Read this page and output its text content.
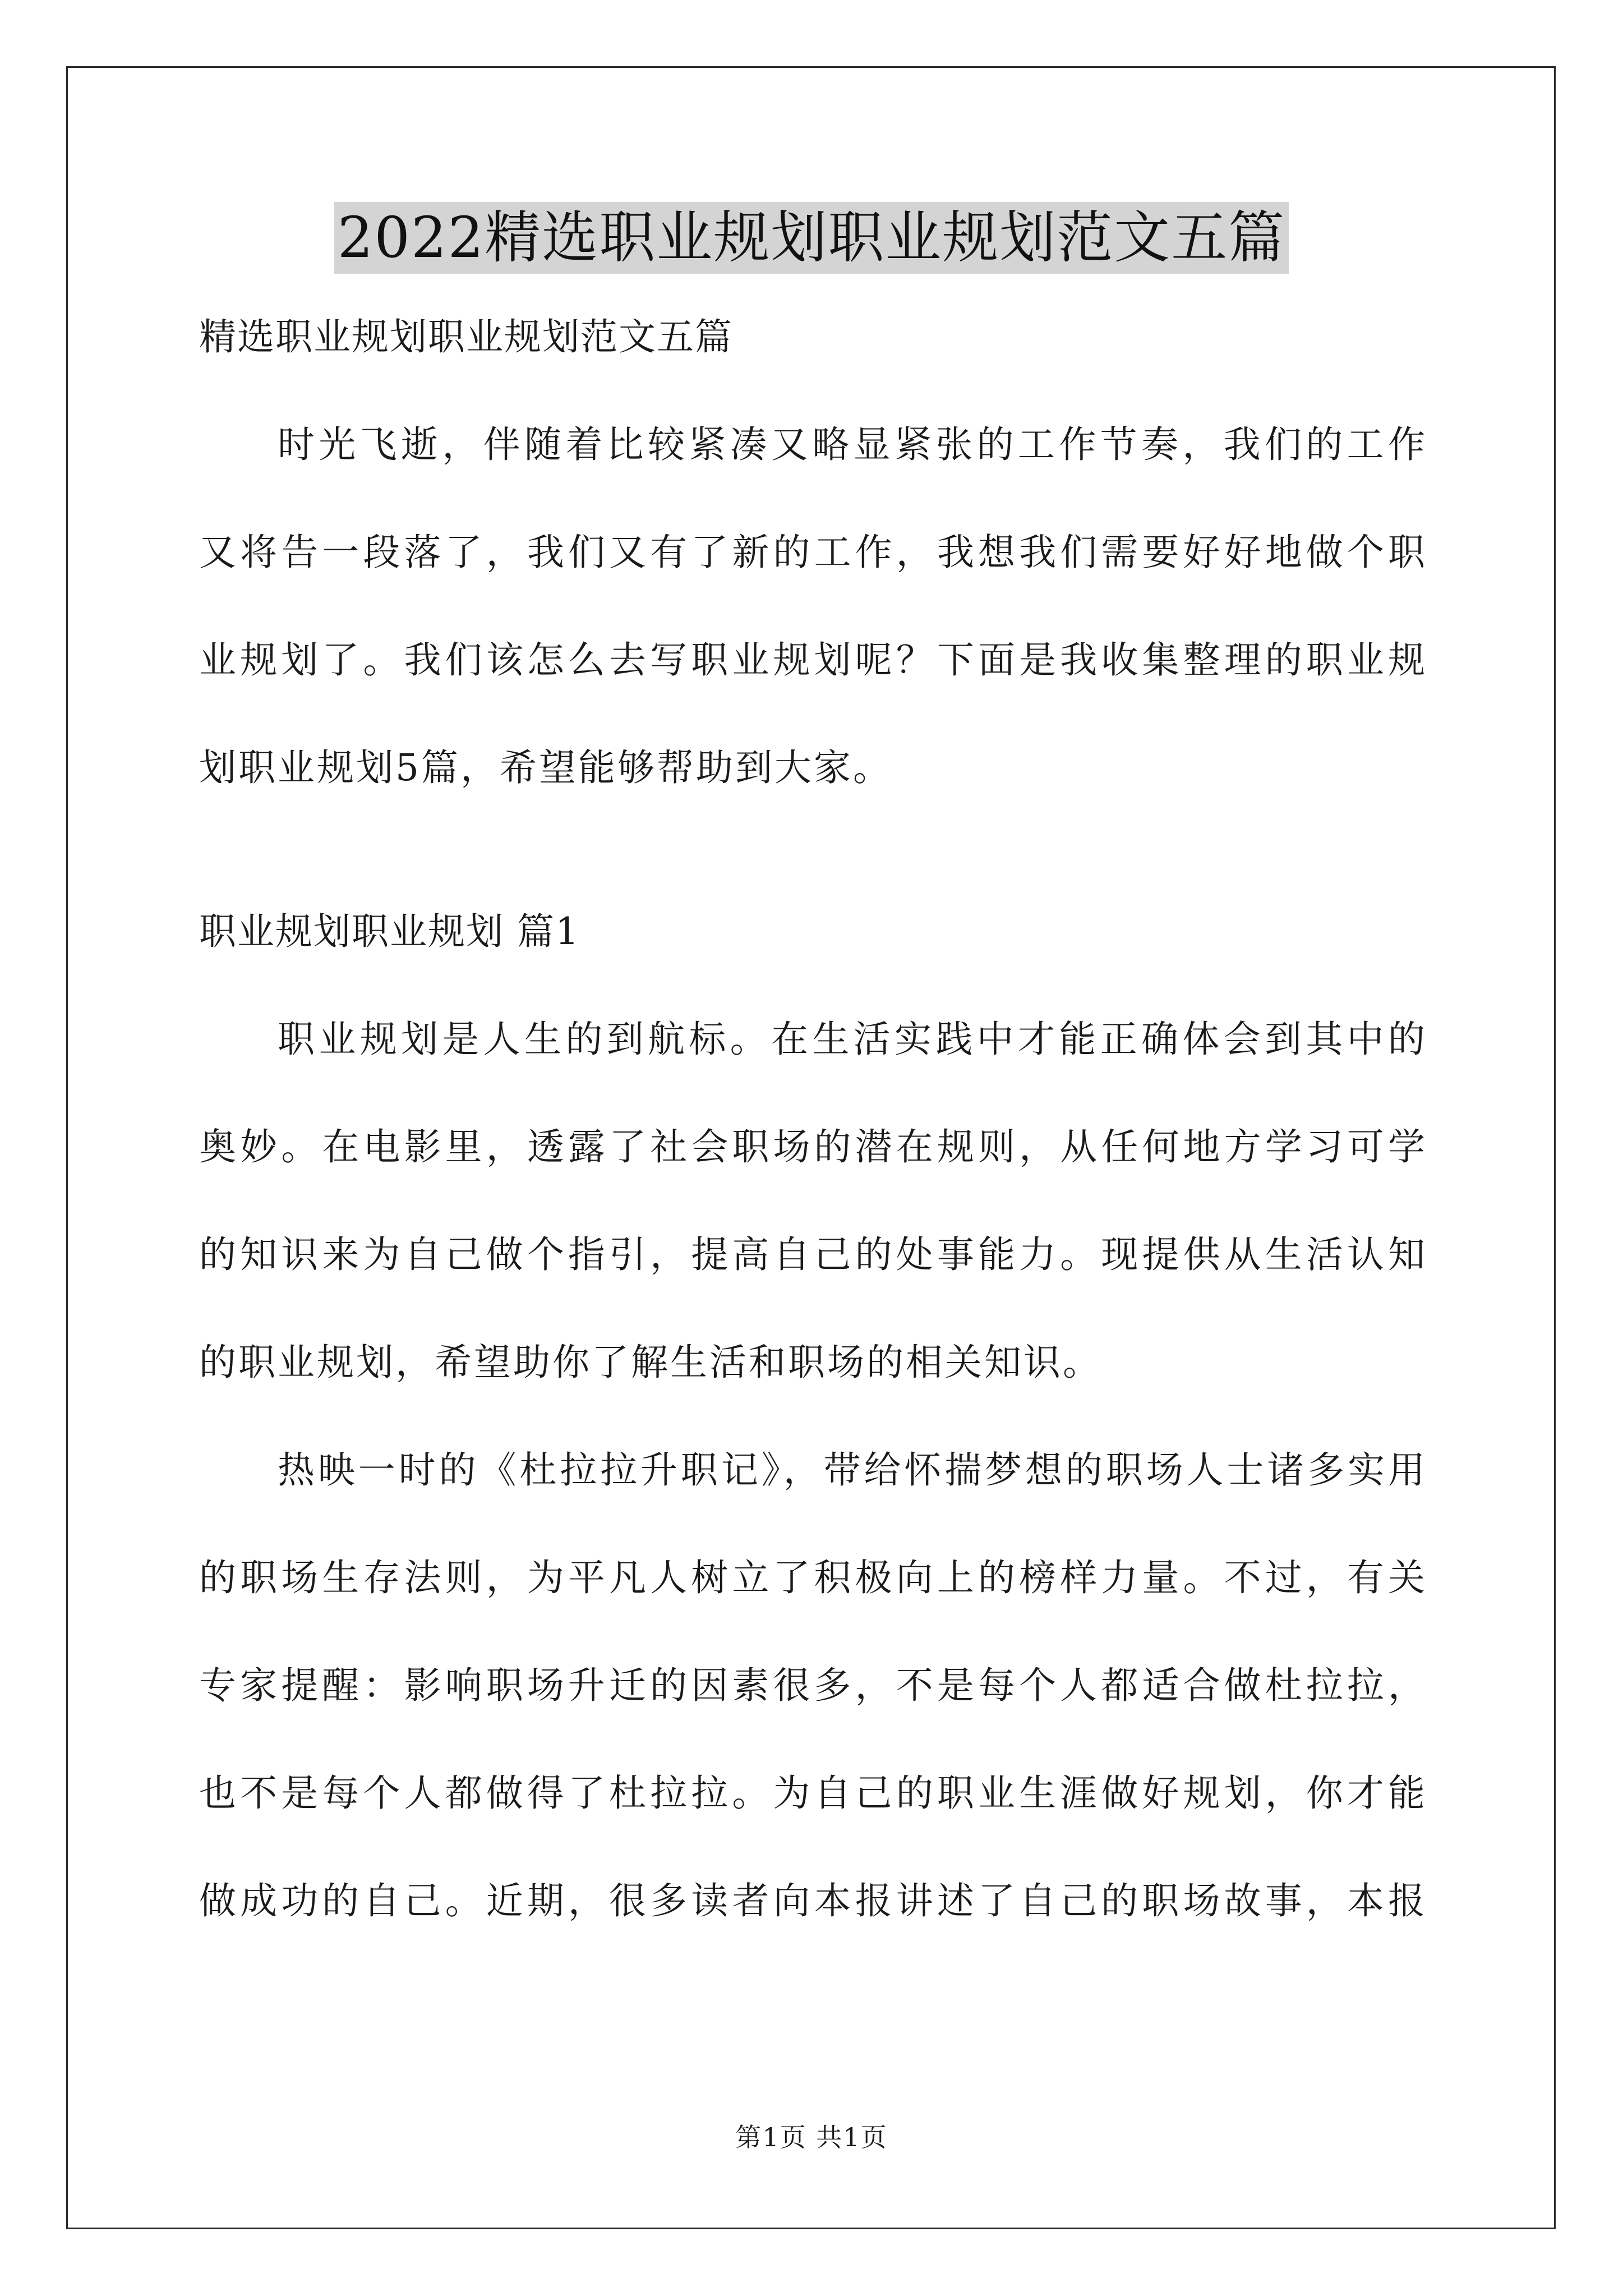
2022精选职业规划职业规划范文五篇
精选职业规划职业规划范文五篇
时光飞逝，伴随着比较紧凑又略显紧张的工作节奏，我们的工作
又将告一段落了，我们又有了新的工作，我想我们需要好好地做个职
业规划了。我们该怎么去写职业规划呢？下面是我收集整理的职业规
划职业规划5篇，希望能够帮助到大家。
职业规划职业规划 篇1
职业规划是人生的到航标。在生活实践中才能正确体会到其中的
奥妙。在电影里，透露了社会职场的潜在规则，从任何地方学习可学
的知识来为自己做个指引，提高自己的处事能力。现提供从生活认知
的职业规划，希望助你了解生活和职场的相关知识。
热映一时的《杜拉拉升职记》，带给怀揣梦想的职场人士诸多实用
的职场生存法则，为平凡人树立了积极向上的榜样力量。不过，有关
专家提醒：影响职场升迁的因素很多，不是每个人都适合做杜拉拉，
也不是每个人都做得了杜拉拉。为自己的职业生涯做好规划，你才能
做成功的自己。近期，很多读者向本报讲述了自己的职场故事，本报
第1页 共1页
